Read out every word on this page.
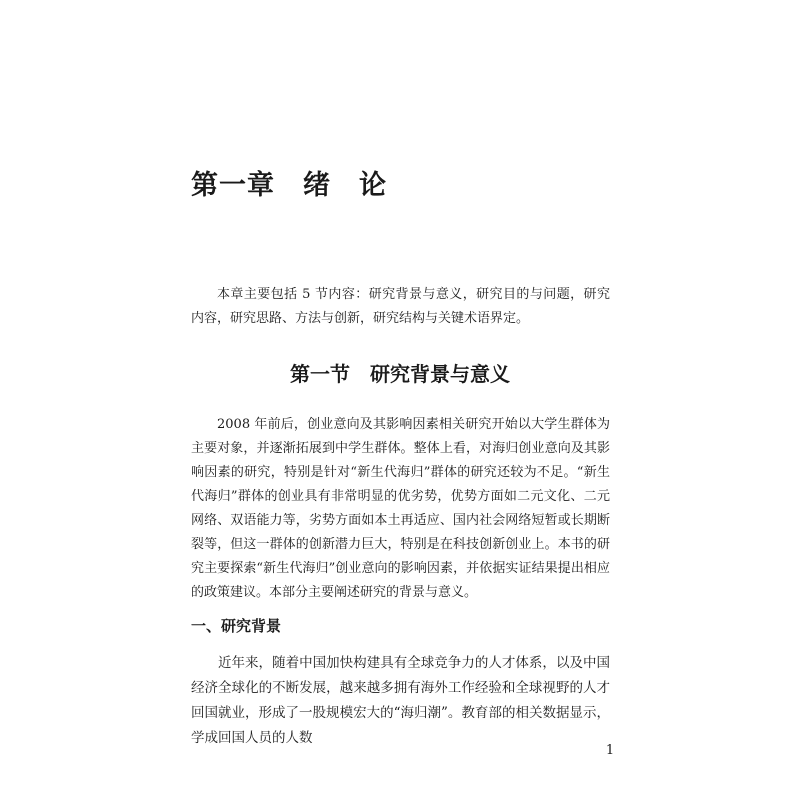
第一章　绪　论

本章主要包括 5 节内容：研究背景与意义，研究目的与问题，研究内容，研究思路、方法与创新，研究结构与关键术语界定。

第一节　研究背景与意义

2008 年前后，创业意向及其影响因素相关研究开始以大学生群体为主要对象，并逐渐拓展到中学生群体。整体上看，对海归创业意向及其影响因素的研究，特别是针对“新生代海归”群体的研究还较为不足。“新生代海归”群体的创业具有非常明显的优劣势，优势方面如二元文化、二元网络、双语能力等，劣势方面如本土再适应、国内社会网络短暂或长期断裂等，但这一群体的创新潜力巨大，特别是在科技创新创业上。本书的研究主要探索“新生代海归”创业意向的影响因素，并依据实证结果提出相应的政策建议。本部分主要阐述研究的背景与意义。

一、研究背景

近年来，随着中国加快构建具有全球竞争力的人才体系，以及中国经济全球化的不断发展，越来越多拥有海外工作经验和全球视野的人才回国就业，形成了一股规模宏大的“海归潮”。教育部的相关数据显示，学成回国人员的人数

1
